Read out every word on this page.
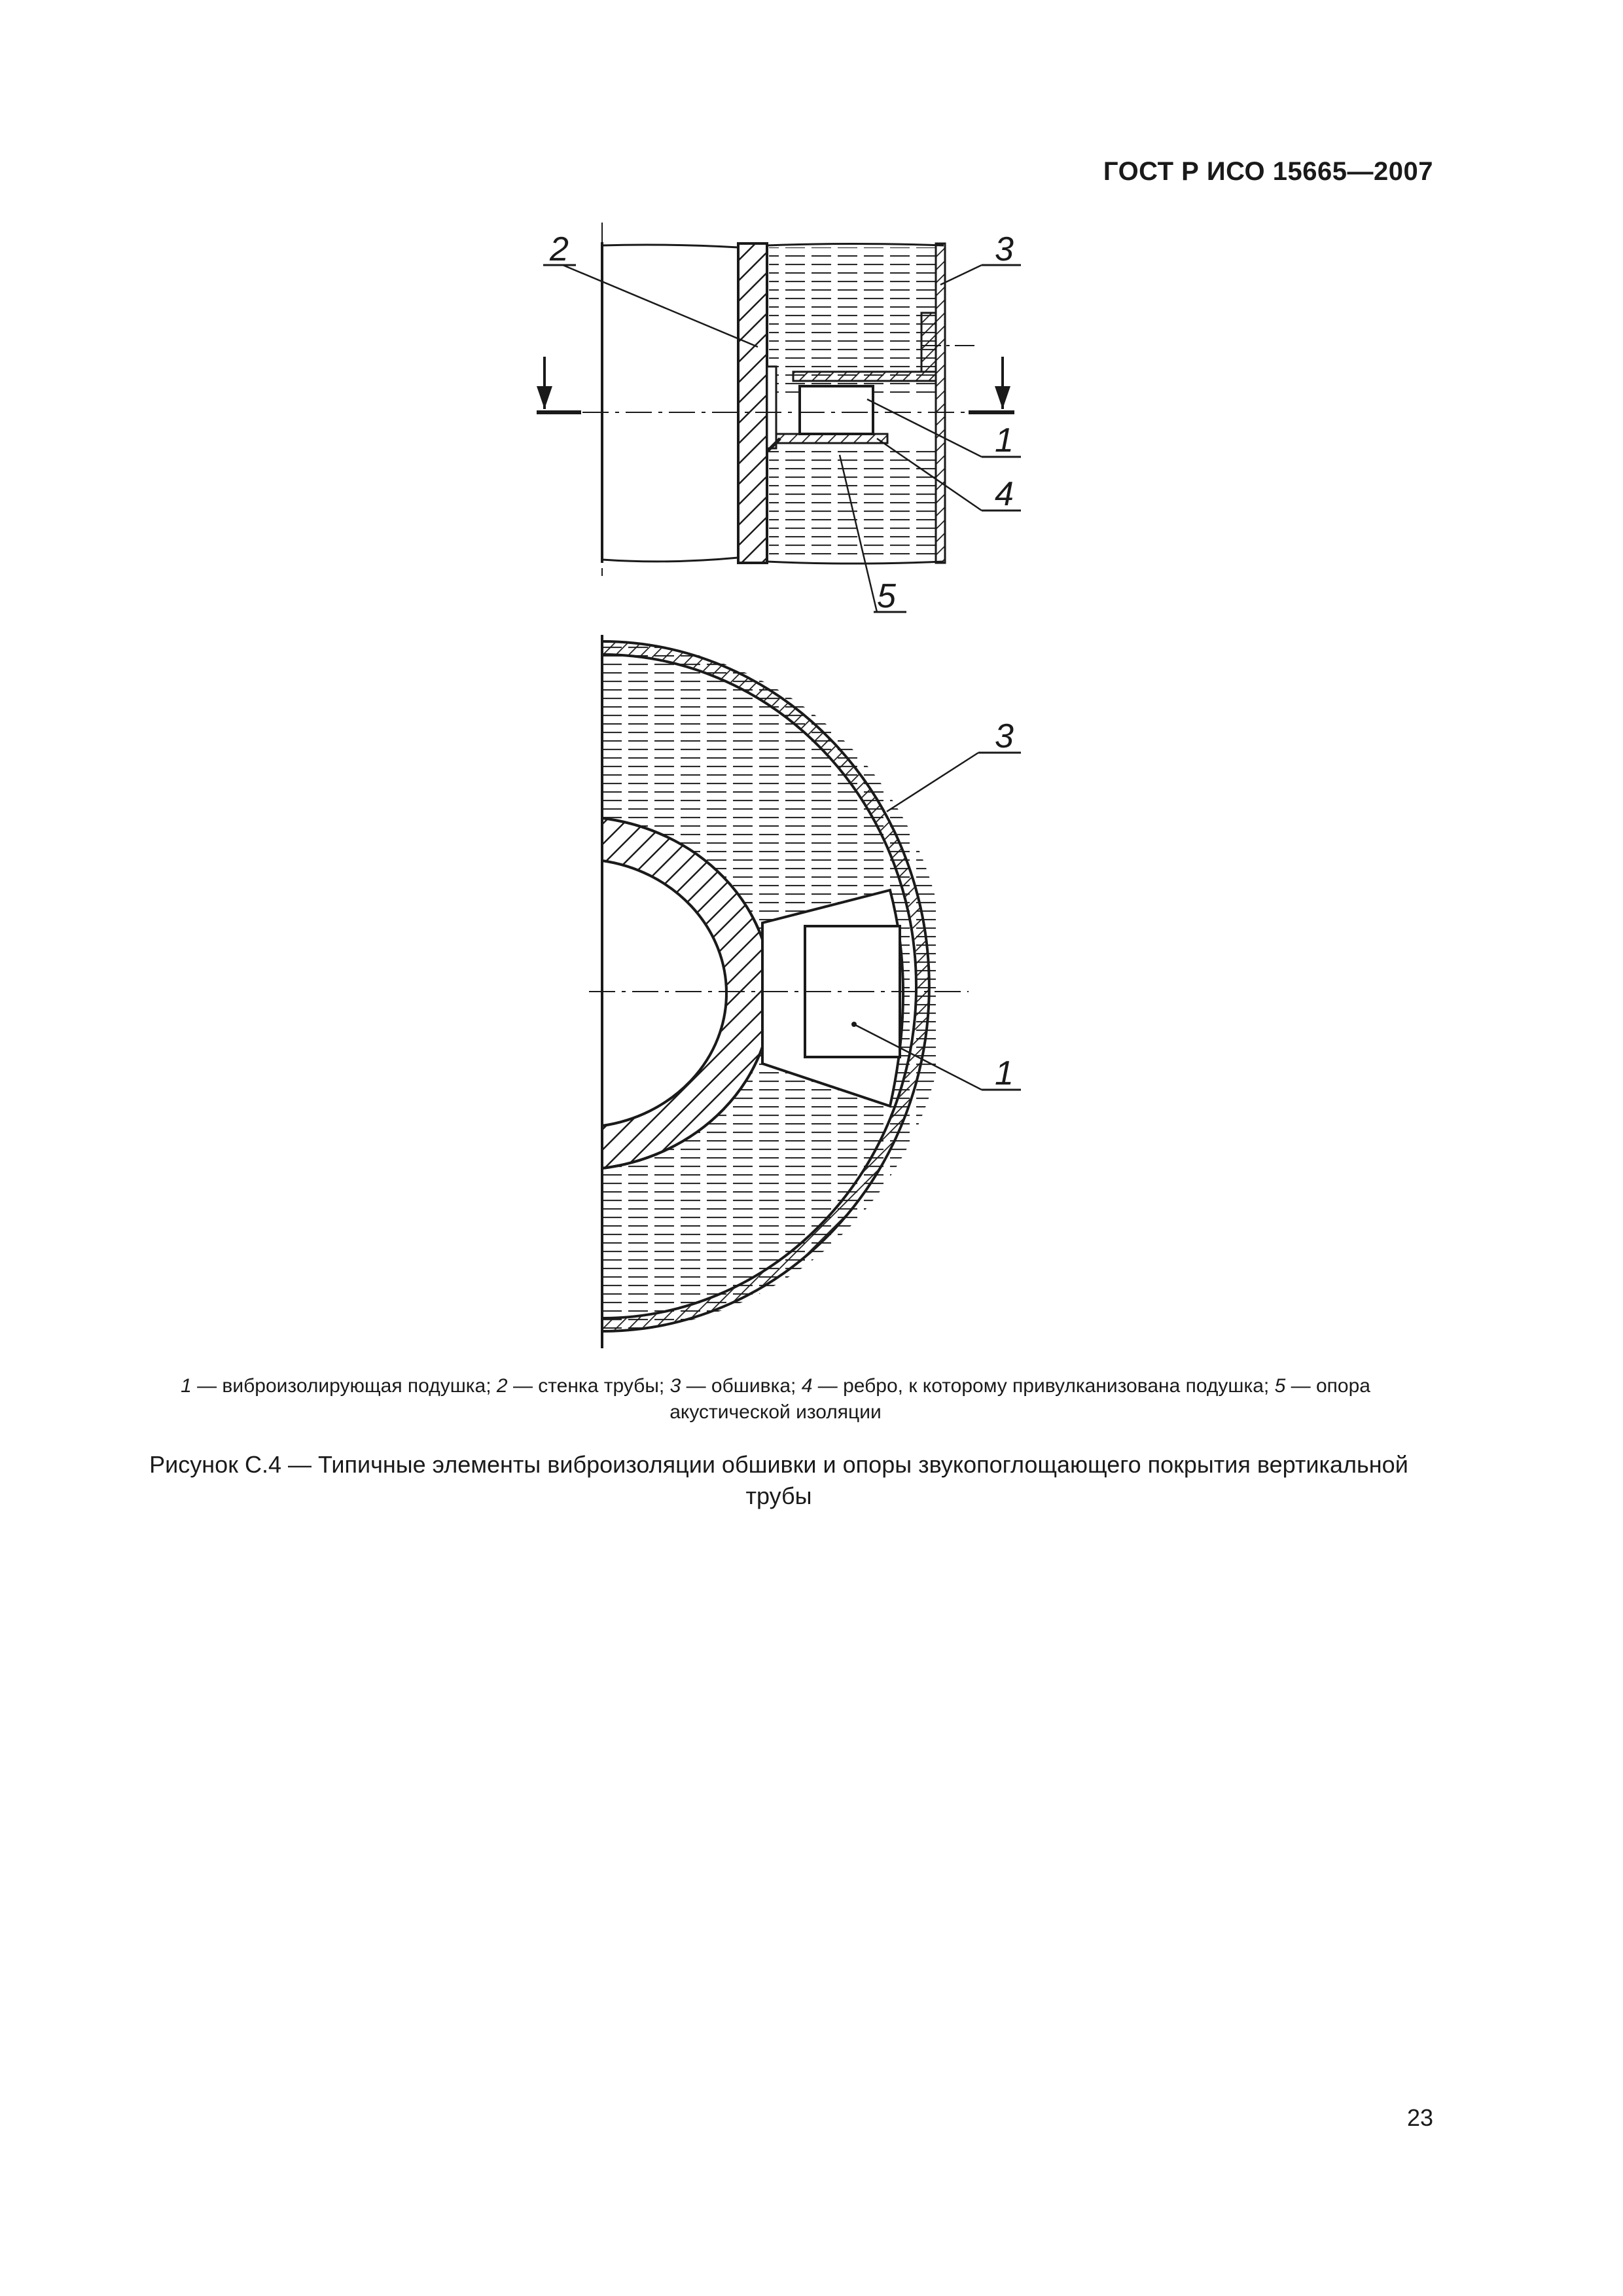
ГОСТ Р ИСО 15665—2007
2	3
1
4
5
3
1
1 — виброизолирующая подушка; 2 — стенка трубы; 3 — обшивка; 4 — ребро, к которому привулканизована подушка; 5 — опора акустической изоляции
Рисунок С.4 — Типичные элементы виброизоляции обшивки и опоры звукопоглощающего покрытия вертикальной трубы
23
